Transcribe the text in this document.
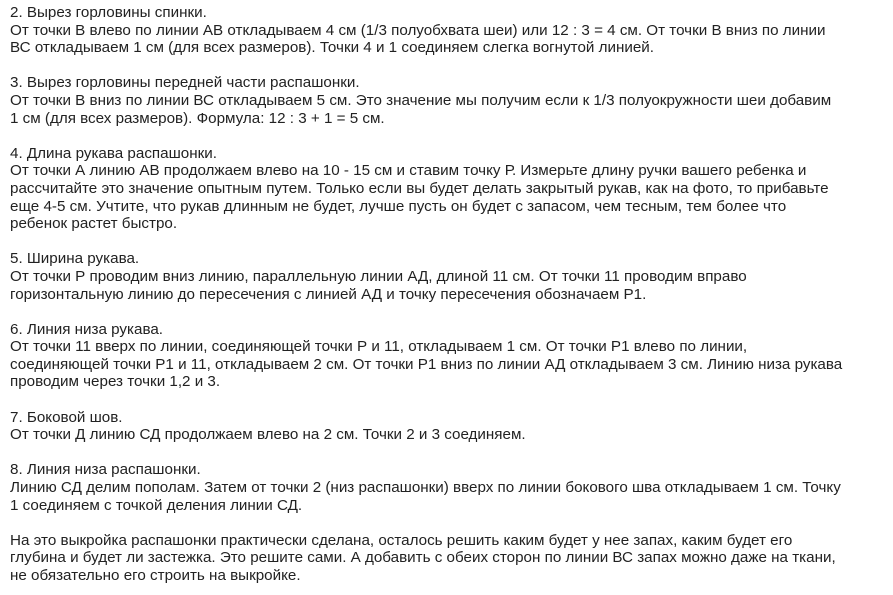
2. Вырез горловины спинки.

От точки В влево по линии АВ откладываем 4 см (1/3 полуобхвата шеи) или 12 : 3 = 4 см. От точки В вниз по линии

ВС откладываем 1 см (для всех размеров). Точки 4 и 1 соединяем слегка вогнутой линией.

3. Вырез горловины передней части распашонки.

От точки В вниз по линии ВС откладываем 5 см. Это значение мы получим если к 1/3 полуокружности шеи добавим

1 см (для всех размеров). Формула: 12 : 3 + 1 = 5 см.

4. Длина рукава распашонки.

От точки А линию АВ продолжаем влево на 10 - 15 см и ставим точку Р. Измерьте длину ручки вашего ребенка и

рассчитайте это значение опытным путем. Только если вы будет делать закрытый рукав, как на фото, то прибавьте

еще 4-5 см. Учтите, что рукав длинным не будет, лучше пусть он будет с запасом, чем тесным, тем более что

ребенок растет быстро.

5. Ширина рукава.

От точки Р проводим вниз линию, параллельную линии АД, длиной 11 см. От точки 11 проводим вправо

горизонтальную линию до пересечения с линией АД и точку пересечения обозначаем Р1.

6. Линия низа рукава.

От точки 11 вверх по линии, соединяющей точки Р и 11, откладываем 1 см. От точки Р1 влево по линии,

соединяющей точки Р1 и 11, откладываем 2 см. От точки Р1 вниз по линии АД откладываем 3 см. Линию низа рукава

проводим через точки 1,2 и 3.

7. Боковой шов.

От точки Д линию СД продолжаем влево на 2 см. Точки 2 и 3 соединяем.

8. Линия низа распашонки.

Линию СД делим пополам. Затем от точки 2 (низ распашонки) вверх по линии бокового шва откладываем 1 см. Точку

1 соединяем с точкой деления линии СД.

На это выкройка распашонки практически сделана, осталось решить каким будет у нее запах, каким будет его

глубина и будет ли застежка. Это решите сами. А добавить с обеих сторон по линии ВС запах можно даже на ткани,

не обязательно его строить на выкройке.
